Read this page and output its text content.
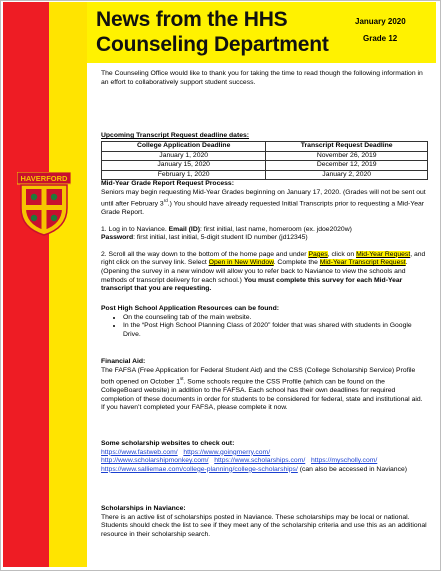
News from the HHS
Counseling Department
January 2020
Grade 12
HAVERFORD

The Counseling Office would like to thank you for taking the time to read though the following information in an effort to collaboratively support student success.

Upcoming Transcript Request deadline dates:
College Application Deadline	Transcript Request Deadline
January 1, 2020	November 26, 2019
January 15, 2020	December 12, 2019
February 1, 2020	January 2, 2020

Mid-Year Grade Report Request Process:

Seniors may begin requesting Mid-Year Grades beginning on January 17, 2020. (Grades will not be sent out until after February 3rd.) You should have already requested Initial Transcripts prior to requesting a Mid-Year Grade Report.

1. Log in to Naviance. Email (ID): first initial, last name, homeroom (ex. jdoe2020w)

Password: first initial, last initial, 5-digit student ID number (jd12345)

2. Scroll all the way down to the bottom of the home page and under Pages, click on Mid-Year Request, and right click on the survey link. Select Open in New Window. Complete the Mid-Year Transcript Request. (Opening the survey in a new window will allow you to refer back to Naviance to view the schools and methods of transcript delivery for each school.) You must complete this survey for each Mid-Year transcript that you are requesting.

Post High School Application Resources can be found:

• On the counseling tab of the main website.
• In the “Post High School Planning Class of 2020” folder that was shared with students in Google Drive.

Financial Aid:

The FAFSA (Free Application for Federal Student Aid) and the CSS (College Scholarship Service) Profile both opened on October 1st. Some schools require the CSS Profile (which can be found on the CollegeBoard website) in addition to the FAFSA. Each school has their own deadlines for required completion of these documents in order for students to be considered for federal, state and institutional aid. If you haven’t completed your FAFSA, please complete it now.

Some scholarship websites to check out:

https://www.fastweb.com/ https://www.goingmerry.com/
http://www.scholarshipmonkey.com/ https://www.scholarships.com/ https://myscholly.com/
https://www.salliemae.com/college-planning/college-scholarships/ (can also be accessed in Naviance)

Scholarships in Naviance:

There is an active list of scholarships posted in Naviance. These scholarships may be local or national. Students should check the list to see if they meet any of the scholarship criteria and use this as an additional resource in their scholarship search.
